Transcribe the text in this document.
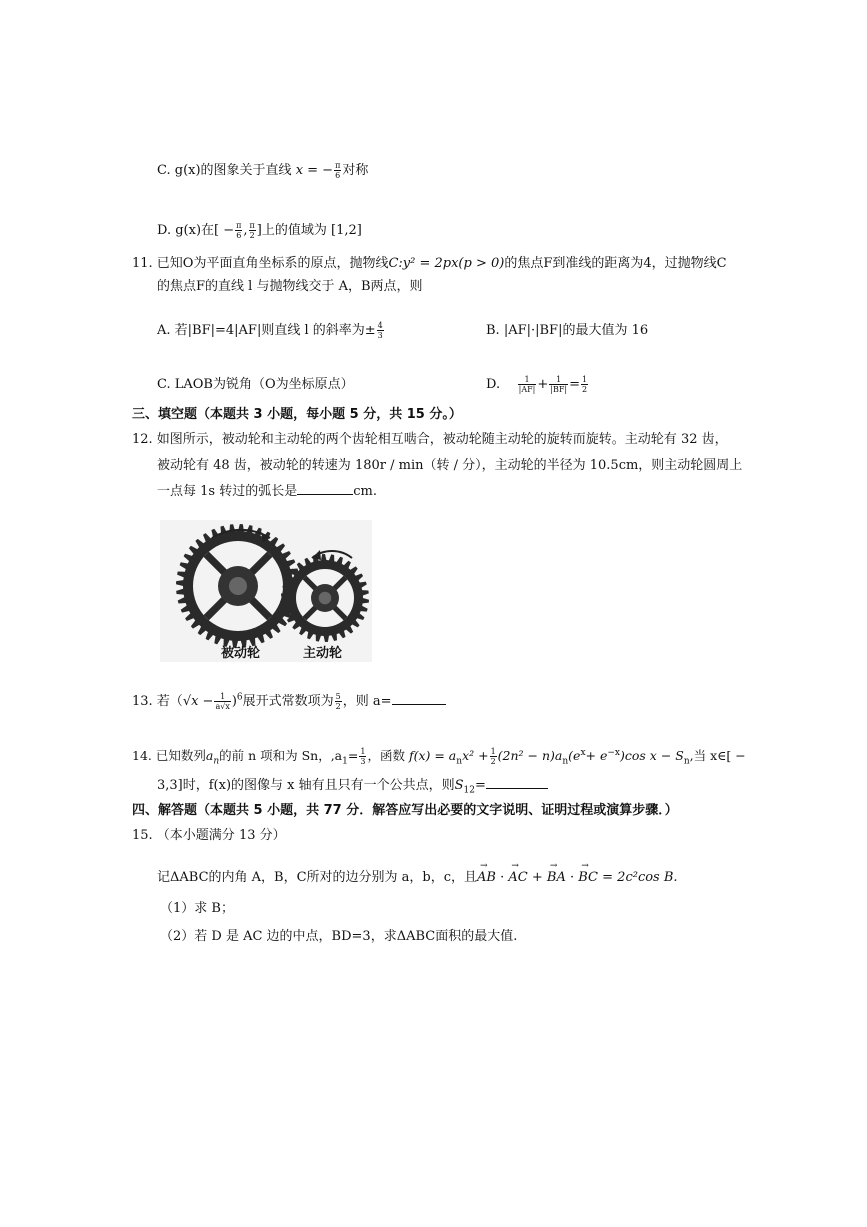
C. g(x)的图象关于直线 x = − $\frac{\pi}{6}$ 对称
D. g(x)在[ − $\frac{\pi}{6}$ , $\frac{\pi}{2}$ ]上的值域为 [1,2]
11. 已知O为平面直角坐标系的原点，抛物线C:y² = 2px(p > 0)的焦点F到准线的距离为4，过抛物线C
的焦点F的直线 l 与抛物线交于 A，B两点，则
A. 若|BF|=4|AF|则直线 l 的斜率为± $\frac{4}{3}$	B. |AF|·|BF|的最大值为 16
C. LAOB为锐角（O为坐标原点）	D. $\frac{1}{|AF|} + \frac{1}{|BF|} = \frac{1}{2}$
三、填空题（本题共 3 小题，每小题 5 分，共 15 分。）
12. 如图所示，被动轮和主动轮的两个齿轮相互啮合，被动轮随主动轮的旋转而旋转。主动轮有 32 齿，
被动轮有 48 齿，被动轮的转速为 180r / min（转 / 分），主动轮的半径为 10.5cm，则主动轮圆周上
一点每 1s 转过的弧长是	cm.
被动轮	主动轮
13. 若$(√x - \frac{1}{a√x} )^6$展开式常数项为 $\frac{5}{2}$ ，则 a=
14. 已知数列$a_n$的前 n 项和为 Sn，$,a_1= \frac{1}{3}$ ，函数 $f(x) = a_nx^2 + \frac{1}{2} (2n^2 - n)a_n(e^x+ e^{-x})\cos$ $x - S_n$,当 x∈[ −
3,3]时，f(x)的图像与 x 轴有且只有一个公共点，则$S_{12}=$
四、解答题（本题共 5 小题，共 77 分．解答应写出必要的文字说明、证明过程或演算步骤．）
15. （本小题满分 13 分）
记ΔABC的内角 A，B，C所对的边分别为 a，b，c，且→ AB · → AC + → BA · → BC = 2c²cos B.
（1）求 B；
（2）若 D 是 AC 边的中点，BD=3，求ΔABC面积的最大值.
